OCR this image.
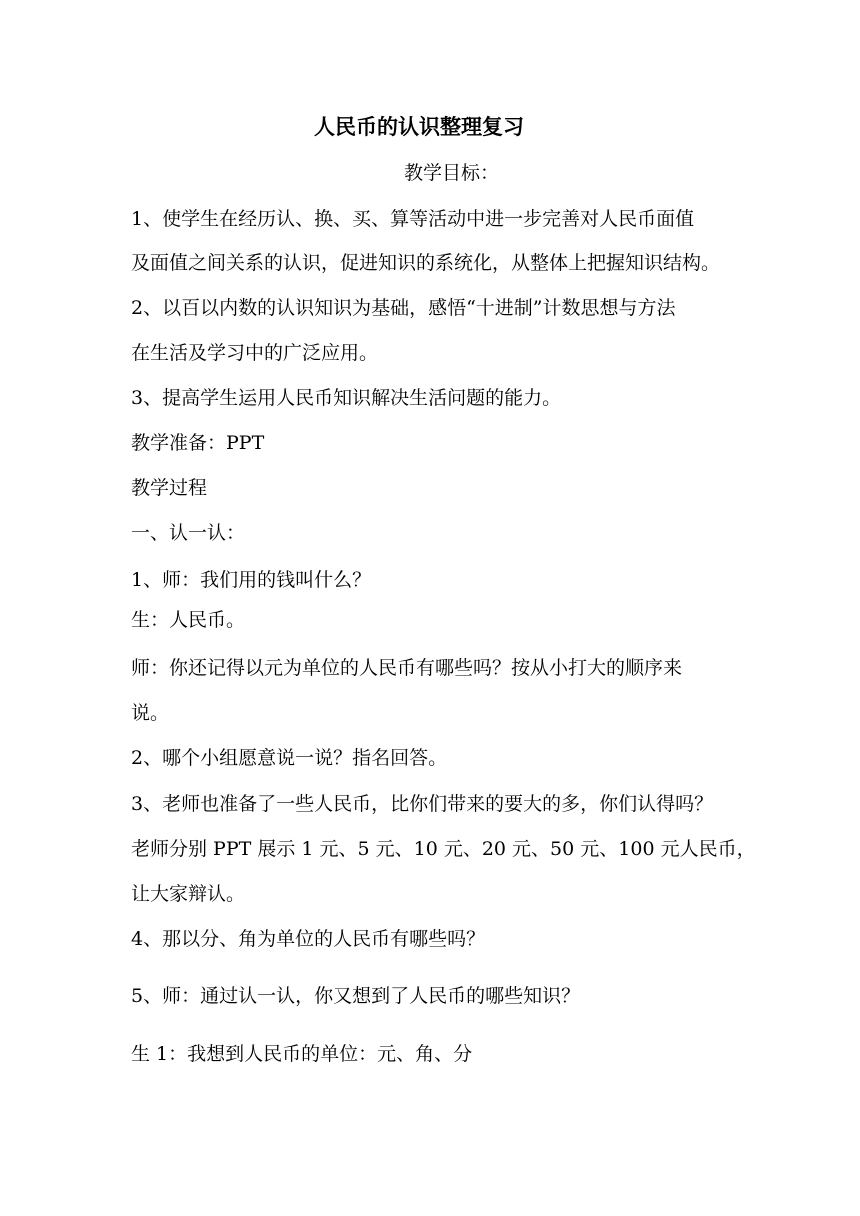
人民币的认识整理复习
教学目标：
1、使学生在经历认、换、买、算等活动中进一步完善对人民币面值
及面值之间关系的认识，促进知识的系统化，从整体上把握知识结构。
2、以百以内数的认识知识为基础，感悟“十进制”计数思想与方法
在生活及学习中的广泛应用。
3、提高学生运用人民币知识解决生活问题的能力。
教学准备：PPT
教学过程
一、认一认：
1、师：我们用的钱叫什么？
生：人民币。
师：你还记得以元为单位的人民币有哪些吗？按从小打大的顺序来
说。
2、哪个小组愿意说一说？指名回答。
3、老师也准备了一些人民币，比你们带来的要大的多，你们认得吗？
老师分别 PPT 展示 1 元、5 元、10 元、20 元、50 元、100 元人民币，
让大家辩认。
4、那以分、角为单位的人民币有哪些吗？
5、师：通过认一认，你又想到了人民币的哪些知识？
生 1：我想到人民币的单位：元、角、分
